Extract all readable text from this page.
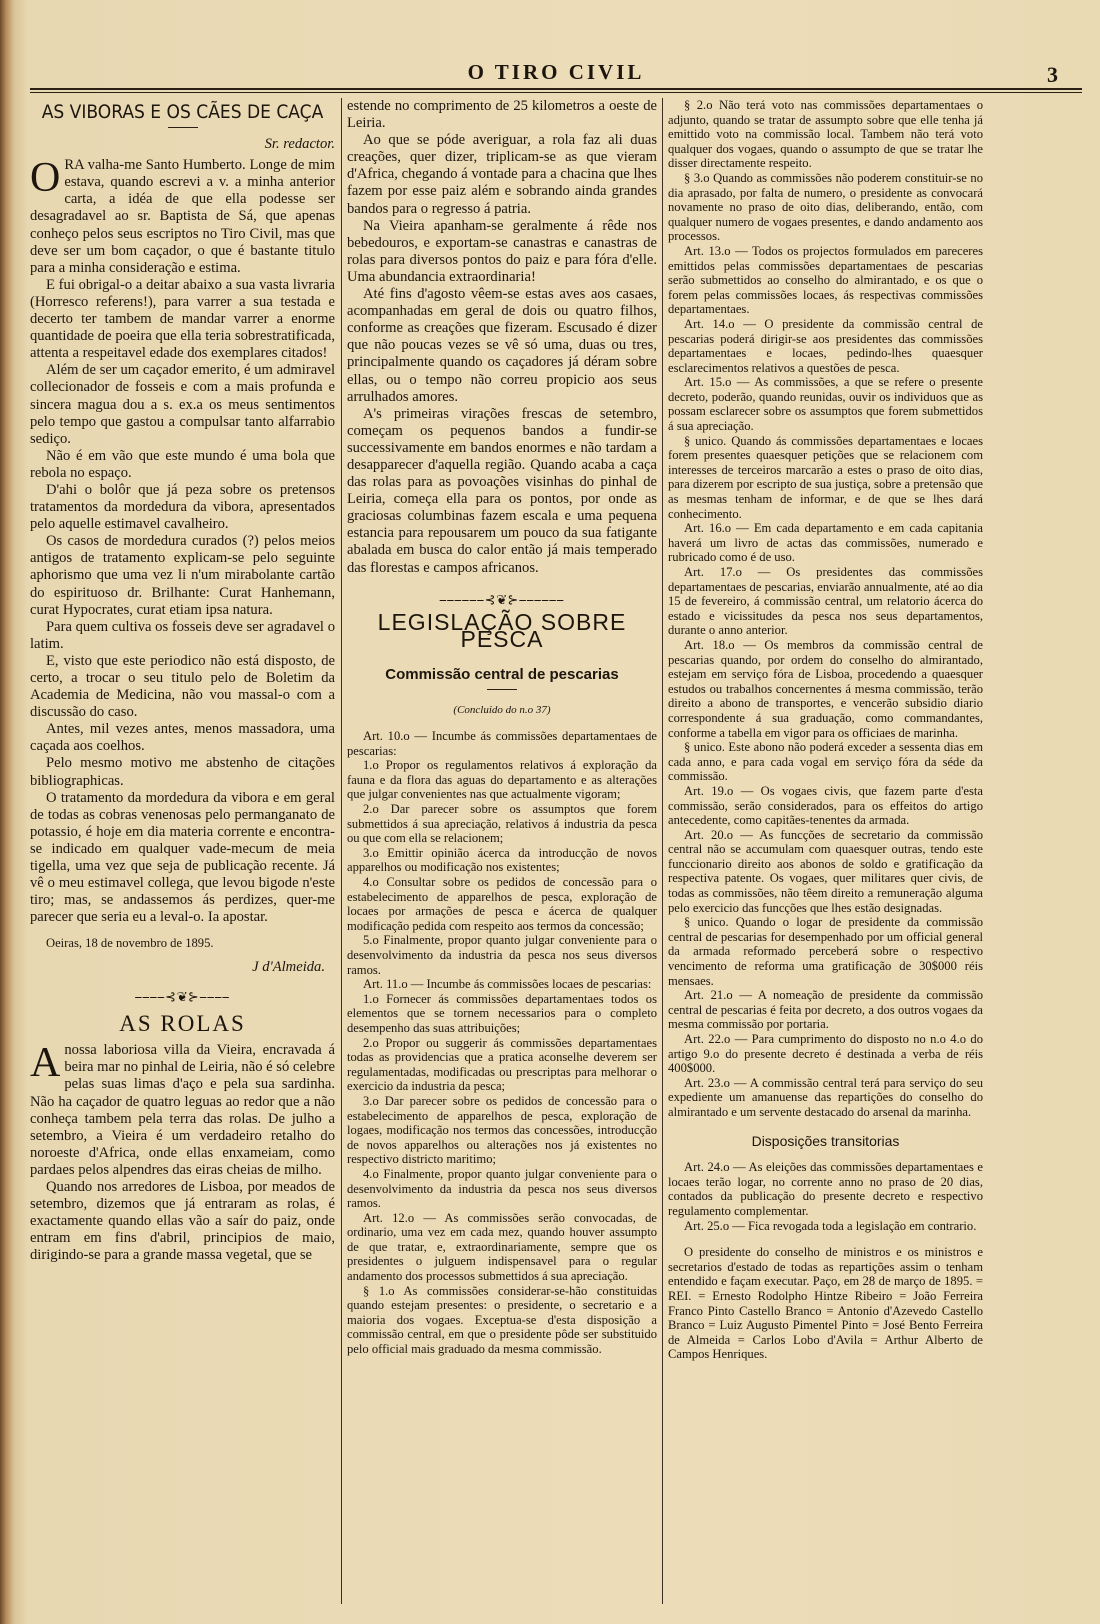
O TIRO CIVIL	3
AS VIBORAS E OS CÃES DE CAÇA
Sr. redactor.
O RA valha-me Santo Humberto. Longe de mim estava, quando escrevi a v. a minha anterior carta, a idéa de que ella podesse ser desagradavel ao sr. Baptista de Sá, que apenas conheço pelos seus escriptos no Tiro Civil, mas que deve ser um bom caçador, o que é bastante titulo para a minha consideração e estima.

E fui obrigal-o a deitar abaixo a sua vasta livraria (Horresco referens!), para varrer a sua testada e decerto ter tambem de mandar varrer a enorme quantidade de poeira que ella teria sobrestratificada, attenta a respeitavel edade dos exemplares citados!

Além de ser um caçador emerito, é um admiravel collecionador de fosseis e com a mais profunda e sincera magua dou a s. ex.a os meus sentimentos pelo tempo que gastou a compulsar tanto alfarrabio sediço.

Não é em vão que este mundo é uma bola que rebola no espaço.

D'ahi o bolôr que já peza sobre os pretensos tratamentos da mordedura da vibora, apresentados pelo aquelle estimavel cavalheiro.

Os casos de mordedura curados (?) pelos meios antigos de tratamento explicam-se pelo seguinte aphorismo que uma vez li n'um mirabolante cartão do espirituoso dr. Brilhante: Curat Hanhemann, curat Hypocrates, curat etiam ipsa natura.

Para quem cultiva os fosseis deve ser agradavel o latim.

E, visto que este periodico não está disposto, de certo, a trocar o seu titulo pelo de Boletim da Academia de Medicina, não vou massal-o com a discussão do caso.

Antes, mil vezes antes, menos massadora, uma caçada aos coelhos.

Pelo mesmo motivo me abstenho de citações bibliographicas.

O tratamento da mordedura da vibora e em geral de todas as cobras venenosas pelo permanganato de potassio, é hoje em dia materia corrente e encontra-se indicado em qualquer vade-mecum de meia tigella, uma vez que seja de publicação recente. Já vê o meu estimavel collega, que levou bigode n'este tiro; mas, se andassemos ás perdizes, quer-me parecer que seria eu a leval-o. Ia apostar.

Oeiras, 18 de novembro de 1895.

J d'Almeida.
⎯⎯⎯⎯⊰❦⊱⎯⎯⎯⎯
AS ROLAS
A nossa laboriosa villa da Vieira, encravada á beira mar no pinhal de Leiria, não é só celebre pelas suas limas d'aço e pela sua sardinha. Não ha caçador de quatro leguas ao redor que a não conheça tambem pela terra das rolas. De julho a setembro, a Vieira é um verdadeiro retalho do noroeste d'Africa, onde ellas enxameiam, como pardaes pelos alpendres das eiras cheias de milho.

Quando nos arredores de Lisboa, por meados de setembro, dizemos que já entraram as rolas, é exactamente quando ellas vão a saír do paiz, onde entram em fins d'abril, principios de maio, dirigindo-se para a grande massa vegetal, que se

estende no comprimento de 25 kilometros a oeste de Leiria.

Ao que se póde averiguar, a rola faz ali duas creações, quer dizer, triplicam-se as que vieram d'Africa, chegando á vontade para a chacina que lhes fazem por esse paiz além e sobrando ainda grandes bandos para o regresso á patria.

Na Vieira apanham-se geralmente á rêde nos bebedouros, e exportam-se canastras e canastras de rolas para diversos pontos do paiz e para fóra d'elle. Uma abundancia extraordinaria!

Até fins d'agosto vêem-se estas aves aos casaes, acompanhadas em geral de dois ou quatro filhos, conforme as creações que fizeram. Escusado é dizer que não poucas vezes se vê só uma, duas ou tres, principalmente quando os caçadores já déram sobre ellas, ou o tempo não correu propicio aos seus arrulhados amores.

A's primeiras virações frescas de setembro, começam os pequenos bandos a fundir-se successivamente em bandos enormes e não tardam a desapparecer d'aquella região. Quando acaba a caça das rolas para as povoações visinhas do pinhal de Leiria, começa ella para os pontos, por onde as graciosas columbinas fazem escala e uma pequena estancia para repousarem um pouco da sua fatigante abalada em busca do calor então já mais temperado das florestas e campos africanos.

⎯⎯⎯⎯⎯⎯⊰❦⊱⎯⎯⎯⎯⎯⎯
LEGISLAÇÃO SOBRE PESCA
Commissão central de pescarias
(Concluido do n.o 37)

Art. 10.o — Incumbe ás commissões departamentaes de pescarias:

1.o Propor os regulamentos relativos á exploração da fauna e da flora das aguas do departamento e as alterações que julgar convenientes nas que actualmente vigoram;

2.o Dar parecer sobre os assumptos que forem submettidos á sua apreciação, relativos á industria da pesca ou que com ella se relacionem;

3.o Emittir opinião ácerca da introducção de novos apparelhos ou modificação nos existentes;

4.o Consultar sobre os pedidos de concessão para o estabelecimento de apparelhos de pesca, exploração de locaes por armações de pesca e ácerca de qualquer modificação pedida com respeito aos termos da concessão;

5.o Finalmente, propor quanto julgar conveniente para o desenvolvimento da industria da pesca nos seus diversos ramos.

Art. 11.o — Incumbe ás commissões locaes de pescarias:

1.o Fornecer ás commissões departamentaes todos os elementos que se tornem necessarios para o completo desempenho das suas attribuições;

2.o Propor ou suggerir ás commissões departamentaes todas as providencias que a pratica aconselhe deverem ser regulamentadas, modificadas ou prescriptas para melhorar o exercicio da industria da pesca;

3.o Dar parecer sobre os pedidos de concessão para o estabelecimento de apparelhos de pesca, exploração de logaes, modificação nos termos das concessões, introducção de novos apparelhos ou alterações nos já existentes no respectivo districto maritimo;

4.o Finalmente, propor quanto julgar conveniente para o desenvolvimento da industria da pesca nos seus diversos ramos.

Art. 12.o — As commissões serão convocadas, de ordinario, uma vez em cada mez, quando houver assumpto de que tratar, e, extraordinariamente, sempre que os presidentes o julguem indispensavel para o regular andamento dos processos submettidos á sua apreciação.

§ 1.o As commissões considerar-se-hão constituidas quando estejam presentes: o presidente, o secretario e a maioria dos vogaes. Exceptua-se d'esta disposição a commissão central, em que o presidente pôde ser substituido pelo official mais graduado da mesma commissão.

§ 2.o Não terá voto nas commissões departamentaes o adjunto, quando se tratar de assumpto sobre que elle tenha já emittido voto na commissão local. Tambem não terá voto qualquer dos vogaes, quando o assumpto de que se tratar lhe disser directamente respeito.

§ 3.o Quando as commissões não poderem constituir-se no dia aprasado, por falta de numero, o presidente as convocará novamente no praso de oito dias, deliberando, então, com qualquer numero de vogaes presentes, e dando andamento aos processos.

Art. 13.o — Todos os projectos formulados em pareceres emittidos pelas commissões departamentaes de pescarias serão submettidos ao conselho do almirantado, e os que o forem pelas commissões locaes, ás respectivas commissões departamentaes.

Art. 14.o — O presidente da commissão central de pescarias poderá dirigir-se aos presidentes das commissões departamentaes e locaes, pedindo-lhes quaesquer esclarecimentos relativos a questões de pesca.

Art. 15.o — As commissões, a que se refere o presente decreto, poderão, quando reunidas, ouvir os individuos que as possam esclarecer sobre os assumptos que forem submettidos á sua apreciação.

§ unico. Quando ás commissões departamentaes e locaes forem presentes quaesquer petições que se relacionem com interesses de terceiros marcarão a estes o praso de oito dias, para dizerem por escripto de sua justiça, sobre a pretensão que as mesmas tenham de informar, e de que se lhes dará conhecimento.

Art. 16.o — Em cada departamento e em cada capitania haverá um livro de actas das commissões, numerado e rubricado como é de uso.

Art. 17.o — Os presidentes das commissões departamentaes de pescarias, enviarão annualmente, até ao dia 15 de fevereiro, á commissão central, um relatorio ácerca do estado e vicissitudes da pesca nos seus departamentos, durante o anno anterior.

Art. 18.o — Os membros da commissão central de pescarias quando, por ordem do conselho do almirantado, estejam em serviço fóra de Lisboa, procedendo a quaesquer estudos ou trabalhos concernentes á mesma commissão, terão direito a abono de transportes, e vencerão subsidio diario correspondente á sua graduação, como commandantes, conforme a tabella em vigor para os officiaes de marinha.

§ unico. Este abono não poderá exceder a sessenta dias em cada anno, e para cada vogal em serviço fóra da séde da commissão.

Art. 19.o — Os vogaes civis, que fazem parte d'esta commissão, serão considerados, para os effeitos do artigo antecedente, como capitães-tenentes da armada.

Art. 20.o — As funcções de secretario da commissão central não se accumulam com quaesquer outras, tendo este funccionario direito aos abonos de soldo e gratificação da respectiva patente. Os vogaes, quer militares quer civis, de todas as commissões, não têem direito a remuneração alguma pelo exercicio das funcções que lhes estão designadas.

§ unico. Quando o logar de presidente da commissão central de pescarias for desempenhado por um official general da armada reformado perceberá sobre o respectivo vencimento de reforma uma gratificação de 30$000 réis mensaes.

Art. 21.o — A nomeação de presidente da commissão central de pescarias é feita por decreto, a dos outros vogaes da mesma commissão por portaria.

Art. 22.o — Para cumprimento do disposto no n.o 4.o do artigo 9.o do presente decreto é destinada a verba de réis 400$000.

Art. 23.o — A commissão central terá para serviço do seu expediente um amanuense das repartições do conselho do almirantado e um servente destacado do arsenal da marinha.

Disposições transitorias

Art. 24.o — As eleições das commissões departamentaes e locaes terão logar, no corrente anno no praso de 20 dias, contados da publicação do presente decreto e respectivo regulamento complementar.

Art. 25.o — Fica revogada toda a legislação em contrario.

O presidente do conselho de ministros e os ministros e secretarios d'estado de todas as repartições assim o tenham entendido e façam executar. Paço, em 28 de março de 1895. = REI. = Ernesto Rodolpho Hintze Ribeiro = João Ferreira Franco Pinto Castello Branco = Antonio d'Azevedo Castello Branco = Luiz Augusto Pimentel Pinto = José Bento Ferreira de Almeida = Carlos Lobo d'Avila = Arthur Alberto de Campos Henriques.
